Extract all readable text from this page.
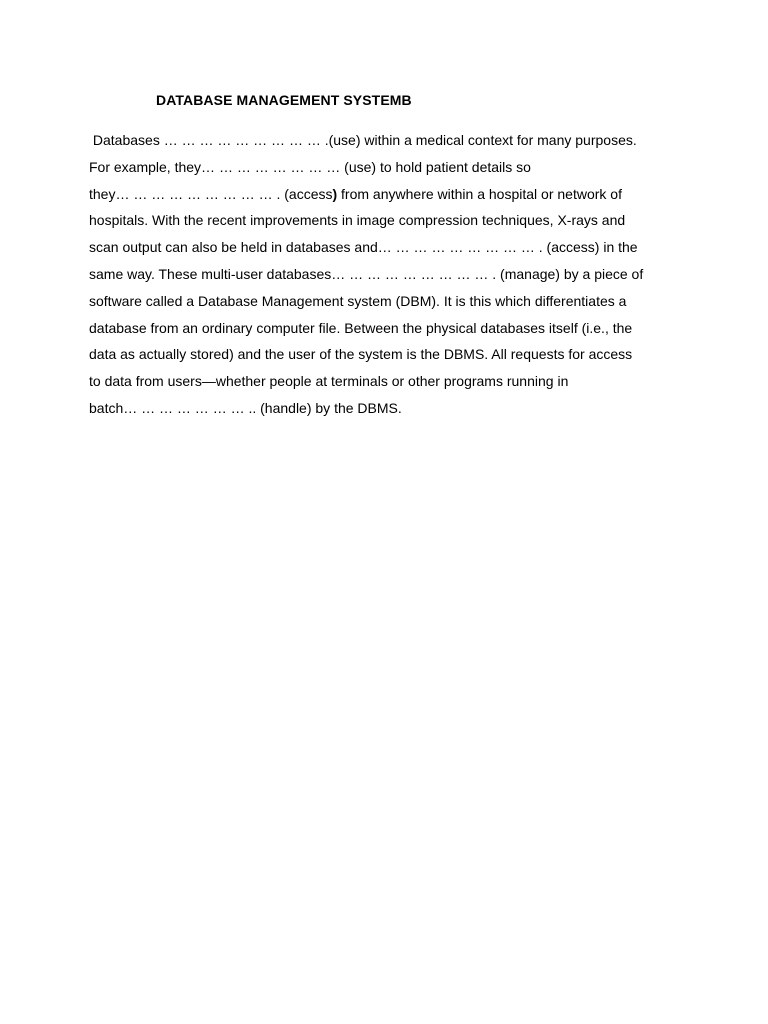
DATABASE MANAGEMENT SYSTEMB
Databases … … … … … … … … … .(use) within a medical context for many purposes.
For example, they… … … … … … … … (use) to hold patient details so
they… … … … … … … … … . (access) from anywhere within a hospital or network of
hospitals. With the recent improvements in image compression techniques, X-rays and
scan output can also be held in databases and… … … … … … … … … . (access) in the
same way. These multi-user databases… … … … … … … … … . (manage) by a piece of
software called a Database Management system (DBM). It is this which differentiates a
database from an ordinary computer file. Between the physical databases itself (i.e., the
data as actually stored) and the user of the system is the DBMS. All requests for access
to data from users—whether people at terminals or other programs running in
batch… … … … … … … .. (handle) by the DBMS.
